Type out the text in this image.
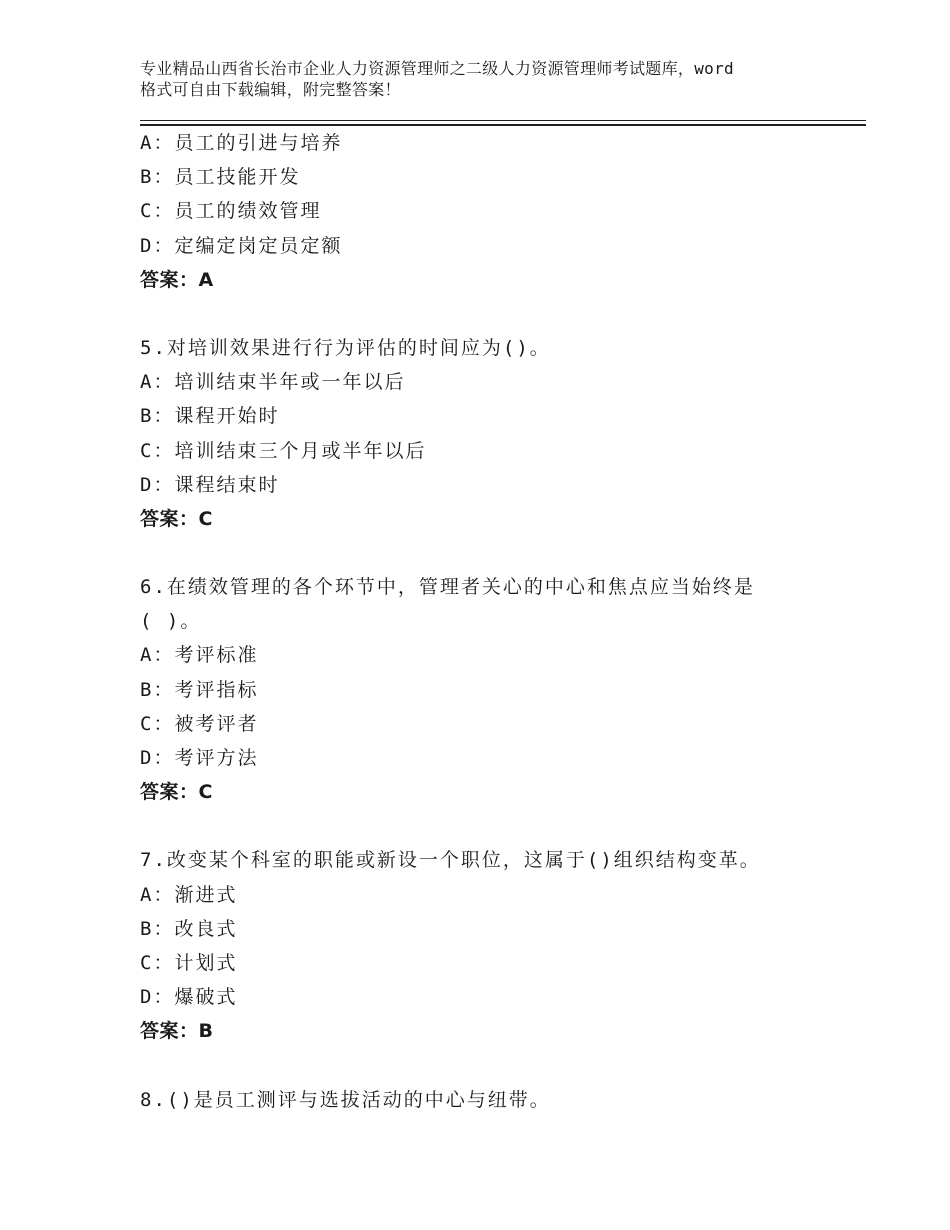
专业精品山西省长治市企业人力资源管理师之二级人力资源管理师考试题库，word
格式可自由下载编辑，附完整答案！
A：员工的引进与培养
B：员工技能开发
C：员工的绩效管理
D：定编定岗定员定额
答案：A
5.对培训效果进行行为评估的时间应为()。
A：培训结束半年或一年以后
B：课程开始时
C：培训结束三个月或半年以后
D：课程结束时
答案：C
6.在绩效管理的各个环节中，管理者关心的中心和焦点应当始终是
( )。
A：考评标准
B：考评指标
C：被考评者
D：考评方法
答案：C
7.改变某个科室的职能或新设一个职位，这属于()组织结构变革。
A：渐进式
B：改良式
C：计划式
D：爆破式
答案：B
8.()是员工测评与选拔活动的中心与纽带。
